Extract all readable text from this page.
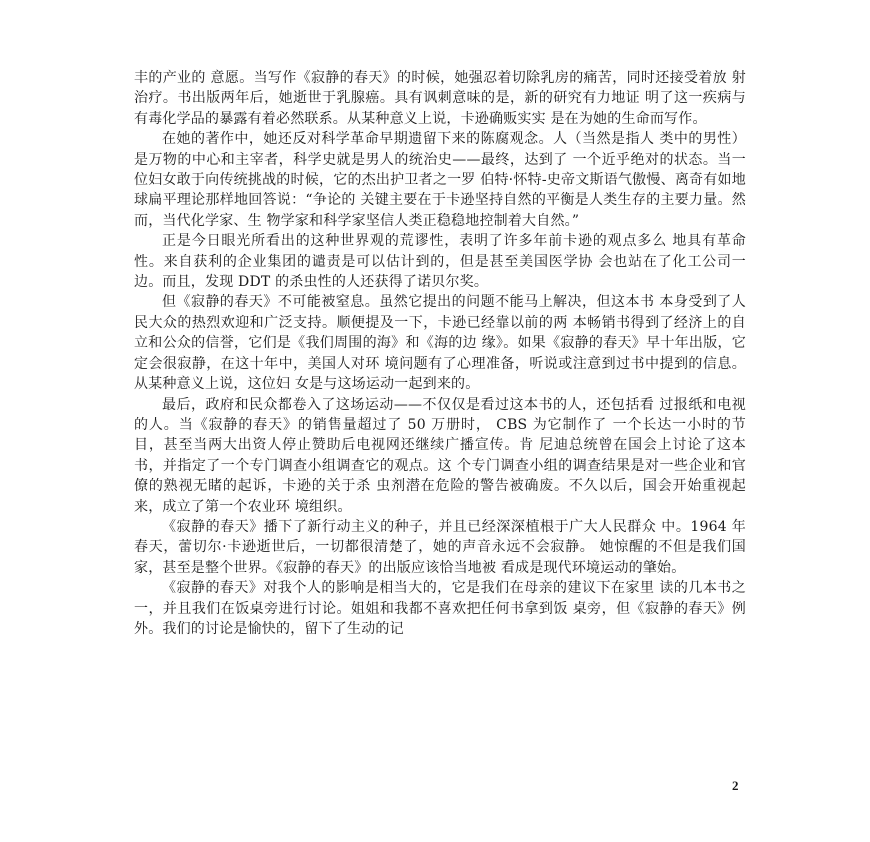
丰的产业的 意愿。当写作《寂静的春天》的时候，她强忍着切除乳房的痛苦，同时还接受着放 射治疗。书出版两年后，她逝世于乳腺癌。具有讽刺意味的是，新的研究有力地证 明了这一疾病与有毒化学品的暴露有着必然联系。从某种意义上说，卡逊确贩实实 是在为她的生命而写作。

在她的著作中，她还反对科学革命早期遗留下来的陈腐观念。人（当然是指人 类中的男性）是万物的中心和主宰者，科学史就是男人的统治史——最终，达到了 一个近乎绝对的状态。当一位妇女敢于向传统挑战的时候，它的杰出护卫者之一罗 伯特·怀特-史帝文斯语气傲慢、离奇有如地球扁平理论那样地回答说：“争论的 关键主要在于卡逊坚持自然的平衡是人类生存的主要力量。然而，当代化学家、生 物学家和科学家坚信人类正稳稳地控制着大自然。”

正是今日眼光所看出的这种世界观的荒谬性，表明了许多年前卡逊的观点多么 地具有革命性。来自获利的企业集团的谴责是可以估计到的，但是甚至美国医学协 会也站在了化工公司一边。而且，发现 DDT 的杀虫性的人还获得了诺贝尔奖。

但《寂静的春天》不可能被窒息。虽然它提出的问题不能马上解决，但这本书 本身受到了人民大众的热烈欢迎和广泛支持。顺便提及一下，卡逊已经靠以前的两 本畅销书得到了经济上的自立和公众的信誉，它们是《我们周围的海》和《海的边 缘》。如果《寂静的春天》早十年出版，它定会很寂静，在这十年中，美国人对环 境问题有了心理准备，听说或注意到过书中提到的信息。从某种意义上说，这位妇 女是与这场运动一起到来的。

最后，政府和民众都卷入了这场运动——不仅仅是看过这本书的人，还包括看 过报纸和电视的人。当《寂静的春天》的销售量超过了 50 万册时， CBS 为它制作了 一个长达一小时的节目，甚至当两大出资人停止赞助后电视网还继续广播宣传。肯 尼迪总统曾在国会上讨论了这本书，并指定了一个专门调查小组调查它的观点。这 个专门调查小组的调查结果是对一些企业和官僚的熟视无睹的起诉，卡逊的关于杀 虫剂潜在危险的警告被确废。不久以后，国会开始重视起来，成立了第一个农业环 境组织。

《寂静的春天》播下了新行动主义的种子，并且已经深深植根于广大人民群众 中。1964 年春天，蕾切尔·卡逊逝世后，一切都很清楚了，她的声音永远不会寂静。 她惊醒的不但是我们国家，甚至是整个世界。《寂静的春天》的出版应该恰当地被 看成是现代环境运动的肇始。

《寂静的春天》对我个人的影响是相当大的，它是我们在母亲的建议下在家里 读的几本书之一，并且我们在饭桌旁进行讨论。姐姐和我都不喜欢把任何书拿到饭 桌旁，但《寂静的春天》例外。我们的讨论是愉快的，留下了生动的记

2
